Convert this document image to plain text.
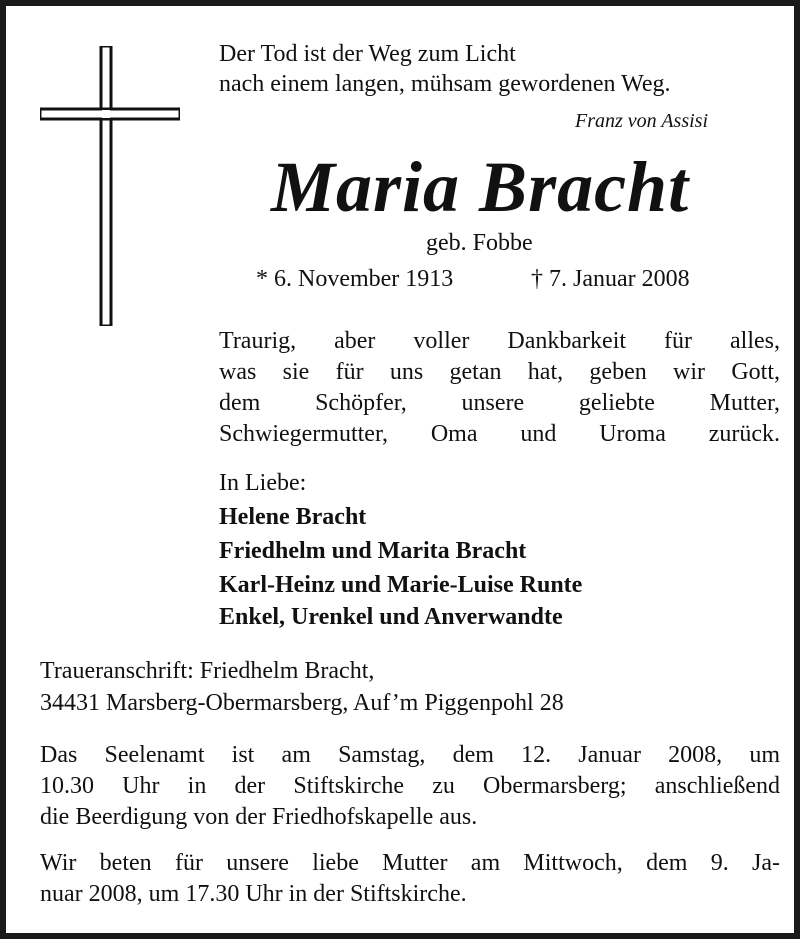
Der Tod ist der Weg zum Licht
nach einem langen, mühsam gewordenen Weg.
Franz von Assisi
Maria Bracht
geb. Fobbe
* 6. November 1913	† 7. Januar 2008
Traurig, aber voller Dankbarkeit für alles,
was sie für uns getan hat, geben wir Gott,
dem Schöpfer, unsere geliebte Mutter,
Schwiegermutter, Oma und Uroma zurück.
In Liebe:
Helene Bracht
Friedhelm und Marita Bracht
Karl-Heinz und Marie-Luise Runte
Enkel, Urenkel und Anverwandte
Traueranschrift: Friedhelm Bracht,
34431 Marsberg-Obermarsberg, Auf’m Piggenpohl 28
Das Seelenamt ist am Samstag, dem 12. Januar 2008, um
10.30 Uhr in der Stiftskirche zu Obermarsberg; anschließend
die Beerdigung von der Friedhofskapelle aus.
Wir beten für unsere liebe Mutter am Mittwoch, dem 9. Ja-
nuar 2008, um 17.30 Uhr in der Stiftskirche.
